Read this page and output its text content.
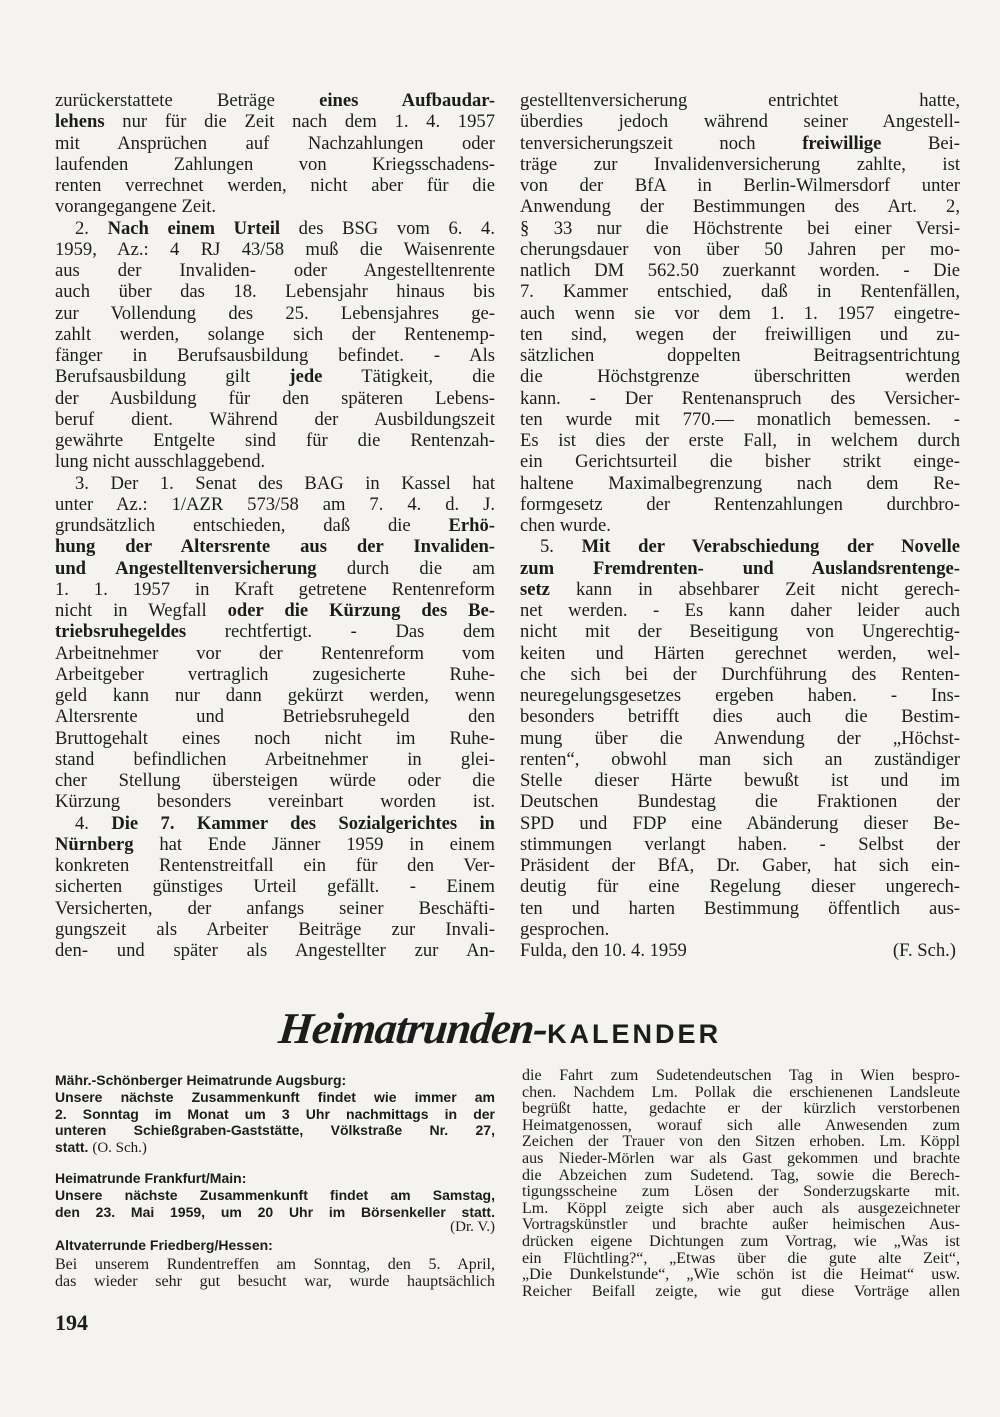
zurückerstattete Beträge eines Aufbaudar-
lehens nur für die Zeit nach dem 1. 4. 1957
mit Ansprüchen auf Nachzahlungen oder
laufenden Zahlungen von Kriegsschadens-
renten verrechnet werden, nicht aber für die
vorangegangene Zeit.
2. Nach einem Urteil des BSG vom 6. 4.
1959, Az.: 4 RJ 43/58 muß die Waisenrente
aus der Invaliden- oder Angestelltenrente
auch über das 18. Lebensjahr hinaus bis
zur Vollendung des 25. Lebensjahres ge-
zahlt werden, solange sich der Rentenemp-
fänger in Berufsausbildung befindet. - Als
Berufsausbildung gilt jede Tätigkeit, die
der Ausbildung für den späteren Lebens-
beruf dient. Während der Ausbildungszeit
gewährte Entgelte sind für die Rentenzah-
lung nicht ausschlaggebend.
3. Der 1. Senat des BAG in Kassel hat
unter Az.: 1/AZR 573/58 am 7. 4. d. J.
grundsätzlich entschieden, daß die Erhö-
hung der Altersrente aus der Invaliden-
und Angestelltenversicherung durch die am
1. 1. 1957 in Kraft getretene Rentenreform
nicht in Wegfall oder die Kürzung des Be-
triebsruhegeldes rechtfertigt. - Das dem
Arbeitnehmer vor der Rentenreform vom
Arbeitgeber vertraglich zugesicherte Ruhe-
geld kann nur dann gekürzt werden, wenn
Altersrente und Betriebsruhegeld den
Bruttogehalt eines noch nicht im Ruhe-
stand befindlichen Arbeitnehmer in glei-
cher Stellung übersteigen würde oder die
Kürzung besonders vereinbart worden ist.
4. Die 7. Kammer des Sozialgerichtes in
Nürnberg hat Ende Jänner 1959 in einem
konkreten Rentenstreitfall ein für den Ver-
sicherten günstiges Urteil gefällt. - Einem
Versicherten, der anfangs seiner Beschäfti-
gungszeit als Arbeiter Beiträge zur Invali-
den- und später als Angestellter zur An-
gestelltenversicherung entrichtet hatte,
überdies jedoch während seiner Angestell-
tenversicherungszeit noch freiwillige Bei-
träge zur Invalidenversicherung zahlte, ist
von der BfA in Berlin-Wilmersdorf unter
Anwendung der Bestimmungen des Art. 2,
§ 33 nur die Höchstrente bei einer Versi-
cherungsdauer von über 50 Jahren per mo-
natlich DM 562.50 zuerkannt worden. - Die
7. Kammer entschied, daß in Rentenfällen,
auch wenn sie vor dem 1. 1. 1957 eingetre-
ten sind, wegen der freiwilligen und zu-
sätzlichen doppelten Beitragsentrichtung
die Höchstgrenze überschritten werden
kann. - Der Rentenanspruch des Versicher-
ten wurde mit 770.— monatlich bemessen. -
Es ist dies der erste Fall, in welchem durch
ein Gerichtsurteil die bisher strikt einge-
haltene Maximalbegrenzung nach dem Re-
formgesetz der Rentenzahlungen durchbro-
chen wurde.
5. Mit der Verabschiedung der Novelle
zum Fremdrenten- und Auslandsrentenge-
setz kann in absehbarer Zeit nicht gerech-
net werden. - Es kann daher leider auch
nicht mit der Beseitigung von Ungerechtig-
keiten und Härten gerechnet werden, wel-
che sich bei der Durchführung des Renten-
neuregelungsgesetzes ergeben haben. - Ins-
besonders betrifft dies auch die Bestim-
mung über die Anwendung der „Höchst-
renten“, obwohl man sich an zuständiger
Stelle dieser Härte bewußt ist und im
Deutschen Bundestag die Fraktionen der
SPD und FDP eine Abänderung dieser Be-
stimmungen verlangt haben. - Selbst der
Präsident der BfA, Dr. Gaber, hat sich ein-
deutig für eine Regelung dieser ungerech-
ten und harten Bestimmung öffentlich aus-
gesprochen.
Fulda, den 10. 4. 1959	(F. Sch.)
Heimatrunden-KALENDER
Mähr.-Schönberger Heimatrunde Augsburg:
Unsere nächste Zusammenkunft findet wie immer am
2. Sonntag im Monat um 3 Uhr nachmittags in der
unteren Schießgraben-Gaststätte, Völkstraße Nr. 27,
statt. (O. Sch.)
Heimatrunde Frankfurt/Main:
Unsere nächste Zusammenkunft findet am Samstag,
den 23. Mai 1959, um 20 Uhr im Börsenkeller statt.
(Dr. V.)
Altvaterrunde Friedberg/Hessen:
Bei unserem Rundentreffen am Sonntag, den 5. April,
das wieder sehr gut besucht war, wurde hauptsächlich
die Fahrt zum Sudetendeutschen Tag in Wien bespro-
chen. Nachdem Lm. Pollak die erschienenen Landsleute
begrüßt hatte, gedachte er der kürzlich verstorbenen
Heimatgenossen, worauf sich alle Anwesenden zum
Zeichen der Trauer von den Sitzen erhoben. Lm. Köppl
aus Nieder-Mörlen war als Gast gekommen und brachte
die Abzeichen zum Sudetend. Tag, sowie die Berech-
tigungsscheine zum Lösen der Sonderzugskarte mit.
Lm. Köppl zeigte sich aber auch als ausgezeichneter
Vortragskünstler und brachte außer heimischen Aus-
drücken eigene Dichtungen zum Vortrag, wie „Was ist
ein Flüchtling?“, „Etwas über die gute alte Zeit“,
„Die Dunkelstunde“, „Wie schön ist die Heimat“ usw.
Reicher Beifall zeigte, wie gut diese Vorträge allen
194
